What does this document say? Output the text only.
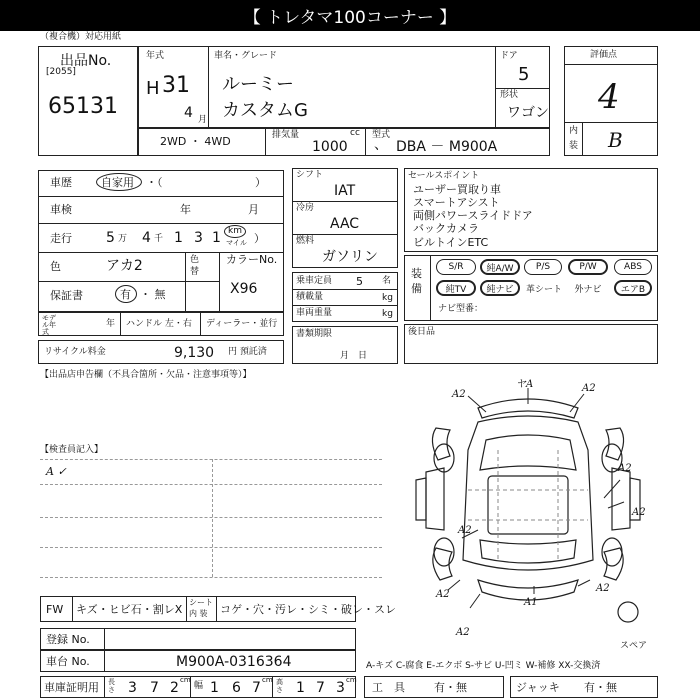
【 トレタマ100コーナー 】
（複合機）対応用紙
出品No.
[2055]
65131
年式
H 31
4 月
車名・グレード
ルーミー
カスタムG
ドア
5
形状
ワゴン
2WD ・ 4WD	排気量	cc
1000
型式
、 DBA － M900A
評価点
4
内
装 B
車歴	自家用 ・（	）
車検	年	月
走行 5 万 4 千 1 3 1 km
マイル ）
色	アカ2	色
替
カラーNo.
X96
保証書	有 ・ 無
モデル年式
年 ハンドル 左・右 ディーラー・並行
リサイクル料金	9,130 円 預託済
シフト
IAT
冷房
AAC
燃料
ガソリン
乗車定員 5 名
積載量	kg
車両重量	kg
書類期限
月　日
セールスポイント
ユーザー買取り車
スマートアシスト
両側パワースライドドア
バックカメラ
ビルトインETC
装
備
S/R	純A/W	P/S	P/W	ABS
純TV	純ナビ	革シート	外ナビ	エアB
ナビ型番：
後日品
【出品店申告欄（不具合箇所・欠品・注意事項等）】
【検査員記入】
A ✓
A2
ヤA	A2
A2
A2
A2
A2
A1
A2
A2
スペア
FW キズ・ヒビ石・割レX
シート
内 装 コゲ・穴・汚レ・シミ・破レ・スレ
登録 No.
車台 No.	M900A-0316364	A-キズ C-腐食 E-エクボ S-サビ U-凹ミ W-補修 XX-交換済
車庫証明用 長さ 3 7 2 cm
幅 1 6 7 cm 高さ 1 7 3 cm
工　具	有・無	ジャッキ 有・無
